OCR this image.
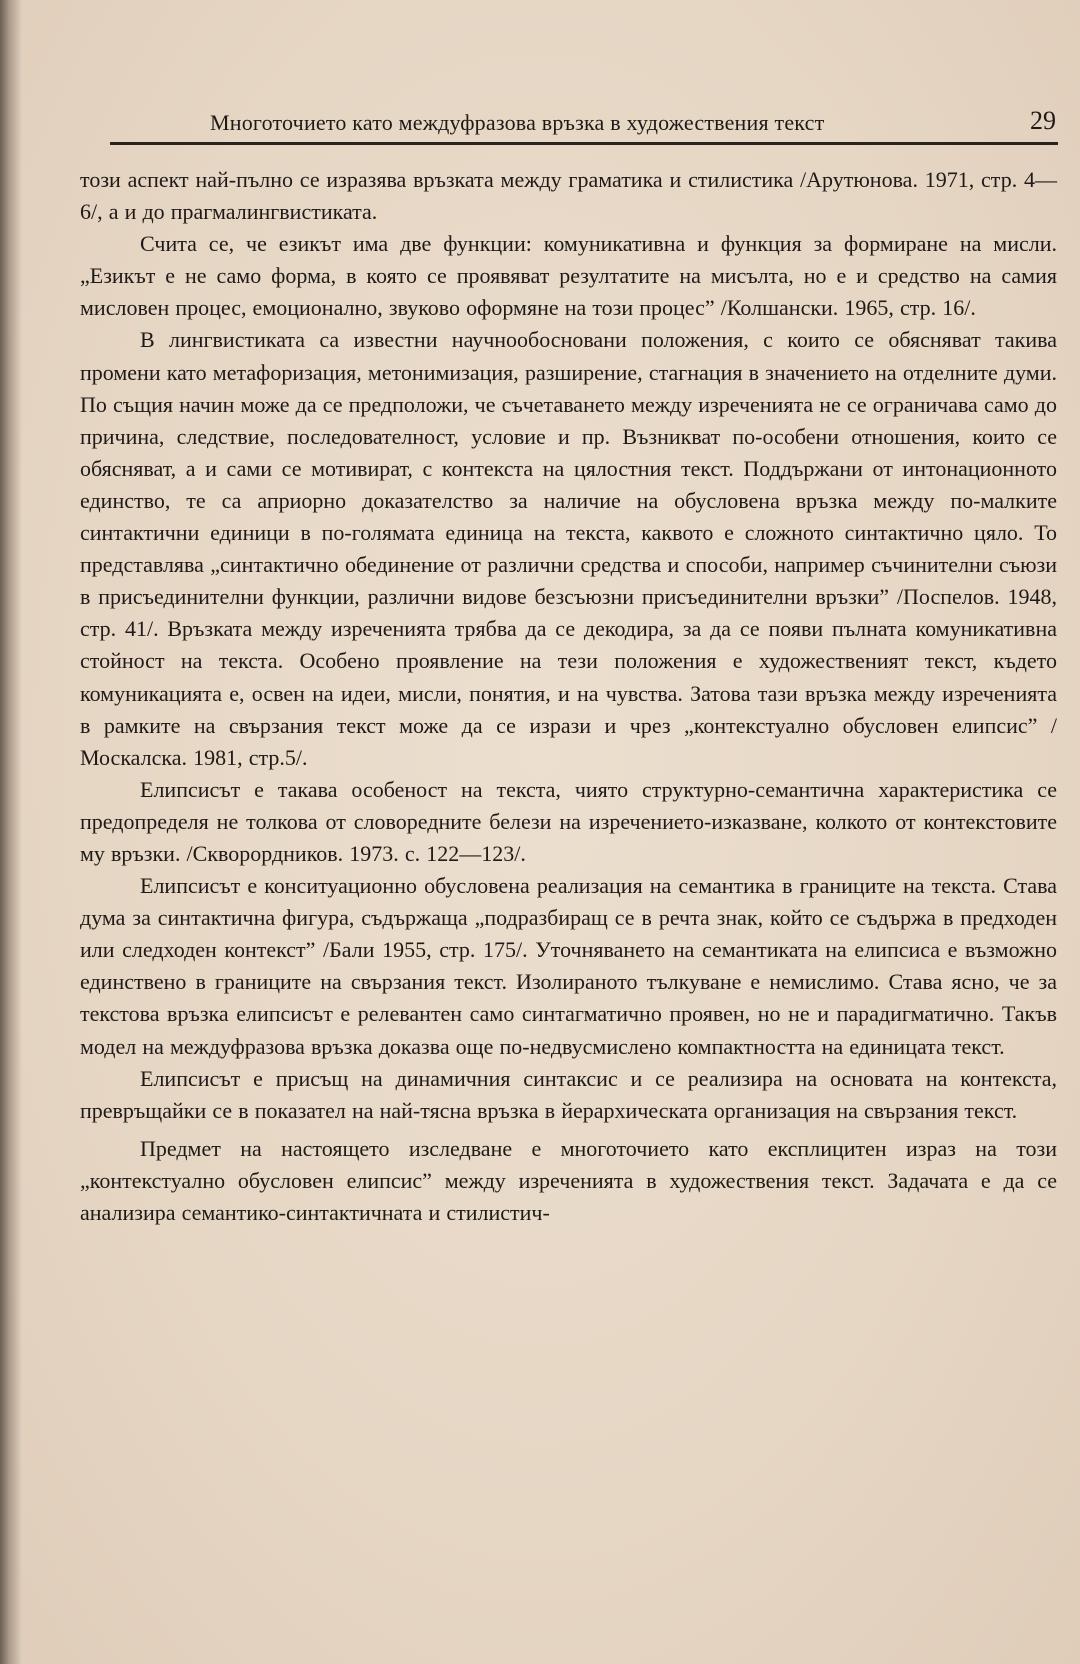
Многоточието като междуфразова връзка в художествения текст	29

този аспект най-пълно се изразява връзката между граматика и стилистика /Арутюнова. 1971, стр. 4—6/, а и до прагмалингвистиката.

Счита се, че езикът има две функции: комуникативна и функция за формиране на мисли. „Езикът е не само форма, в която се проявяват резултатите на мисълта, но е и средство на самия мисловен процес, емоционално, звуково оформяне на този процес” /Колшански. 1965, стр. 16/.

В лингвистиката са известни научнообосновани положения, с които се обясняват такива промени като метафоризация, метонимизация, разширение, стагнация в значението на отделните думи. По същия начин може да се предположи, че съчетаването между изреченията не се ограничава само до причина, следствие, последователност, условие и пр. Възникват по-особени отношения, които се обясняват, а и сами се мотивират, с контекста на цялостния текст. Поддържани от интонационното единство, те са априорно доказателство за наличие на обусловена връзка между по-малките синтактични единици в по-голямата единица на текста, каквото е сложното синтактично цяло. То представлява „синтактично обединение от различни средства и способи, например съчинителни съюзи в присъединителни функции, различни видове безсъюзни присъединителни връзки” /Поспелов. 1948, стр. 41/. Връзката между изреченията трябва да се декодира, за да се появи пълната комуникативна стойност на текста. Особено проявление на тези положения е художественият текст, където комуникацията е, освен на идеи, мисли, понятия, и на чувства. Затова тази връзка между изреченията в рамките на свързания текст може да се изрази и чрез „контекстуално обусловен елипсис” /Москалска. 1981, стр.5/.

Елипсисът е такава особеност на текста, чиято структурно-семантична характеристика се предопределя не толкова от словоредните белези на изречението-изказване, колкото от контекстовите му връзки. /Скворордников. 1973. с. 122—123/.

Елипсисът е конситуационно обусловена реализация на семантика в границите на текста. Става дума за синтактична фигура, съдържаща „подразбиращ се в речта знак, който се съдържа в предходен или следходен контекст” /Бали 1955, стр. 175/. Уточняването на семантиката на елипсиса е възможно единствено в границите на свързания текст. Изолираното тълкуване е немислимо. Става ясно, че за текстова връзка елипсисът е релевантен само синтагматично проявен, но не и парадигматично. Такъв модел на междуфразова връзка доказва още по-недвусмислено компактността на единицата текст.

Елипсисът е присъщ на динамичния синтаксис и се реализира на основата на контекста, превръщайки се в показател на най-тясна връзка в йерархическата организация на свързания текст.

Предмет на настоящето изследване е многоточието като експлицитен израз на този „контекстуално обусловен елипсис” между изреченията в художествения текст. Задачата е да се анализира семантико-синтактичната и стилистич-
